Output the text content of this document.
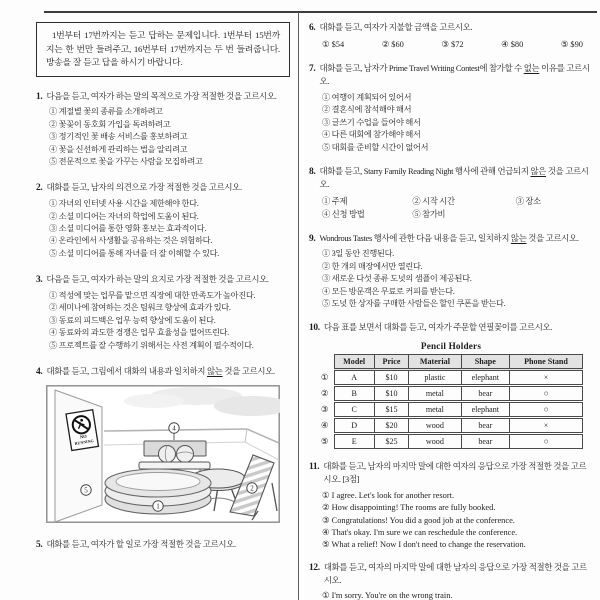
1번부터 17번까지는 듣고 답하는 문제입니다. 1번부터 15번까지는 한 번만 들려주고, 16번부터 17번까지는 두 번 들려줍니다. 방송을 잘 듣고 답을 하시기 바랍니다.
1. 다음을 듣고, 여자가 하는 말의 목적으로 가장 적절한 것을 고르시오.
① 계절별 꽃의 종류를 소개하려고
② 꽃꽂이 동호회 가입을 독려하려고
③ 정기적인 꽃 배송 서비스를 홍보하려고
④ 꽃을 신선하게 관리하는 법을 알리려고
⑤ 전문적으로 꽃을 가꾸는 사람을 모집하려고
2. 대화를 듣고, 남자의 의견으로 가장 적절한 것을 고르시오.
① 자녀의 인터넷 사용 시간을 제한해야 한다.
② 소셜 미디어는 자녀의 학업에 도움이 된다.
③ 소셜 미디어를 통한 영화 홍보는 효과적이다.
④ 온라인에서 사생활을 공유하는 것은 위험하다.
⑤ 소셜 미디어를 통해 자녀를 더 잘 이해할 수 있다.
3. 다음을 듣고, 여자가 하는 말의 요지로 가장 적절한 것을 고르시오.
① 적성에 맞는 업무를 맡으면 직장에 대한 만족도가 높아진다.
② 세미나에 참여하는 것은 팀워크 향상에 효과가 있다.
③ 동료의 피드백은 업무 능력 향상에 도움이 된다.
④ 동료와의 과도한 경쟁은 업무 효율성을 떨어뜨린다.
⑤ 프로젝트를 잘 수행하기 위해서는 사전 계획이 필수적이다.
4. 대화를 듣고, 그림에서 대화의 내용과 일치하지 않는 것을 고르시오.
NO
RUNNING
5
4
2
1
5. 대화를 듣고, 여자가 할 일로 가장 적절한 것을 고르시오.
6. 대화를 듣고, 여자가 지불할 금액을 고르시오.
① $54	② $60	③ $72	④ $80	⑤ $90
7. 대화를 듣고, 남자가 Prime Travel Writing Contest에 참가할 수 없는 이유를 고르시오.
① 여행이 계획되어 있어서
② 결혼식에 참석해야 해서
③ 글쓰기 수업을 들어야 해서
④ 다른 대회에 참가해야 해서
⑤ 대회를 준비할 시간이 없어서
8. 대화를 듣고, Starry Family Reading Night 행사에 관해 언급되지 않은 것을 고르시오.
① 주제	② 시작 시간	③ 장소
④ 신청 방법	⑤ 참가비
9. Wondrous Tastes 행사에 관한 다음 내용을 듣고, 일치하지 않는 것을 고르시오.
① 3일 동안 진행된다.
② 한 개의 매장에서만 열린다.
③ 새로운 다섯 종류 도넛의 샘플이 제공된다.
④ 모든 방문객은 무료로 커피를 받는다.
⑤ 도넛 한 상자를 구매한 사람들은 할인 쿠폰을 받는다.
10. 다음 표를 보면서 대화를 듣고, 여자가 주문할 연필꽂이를 고르시오.
Pencil Holders
	Model	Price	Material	Shape	Phone Stand
①	A	$10	plastic	elephant	×
②	B	$10	metal	bear	○
③	C	$15	metal	elephant	○
④	D	$20	wood	bear	×
⑤	E	$25	wood	bear	○
11. 대화를 듣고, 남자의 마지막 말에 대한 여자의 응답으로 가장 적절한 것을 고르시오. [3점]
① I agree. Let's look for another resort.
② How disappointing! The rooms are fully booked.
③ Congratulations! You did a good job at the conference.
④ That's okay. I'm sure we can reschedule the conference.
⑤ What a relief! Now I don't need to change the reservation.
12. 대화를 듣고, 여자의 마지막 말에 대한 남자의 응답으로 가장 적절한 것을 고르시오.
① I'm sorry. You're on the wrong train.
